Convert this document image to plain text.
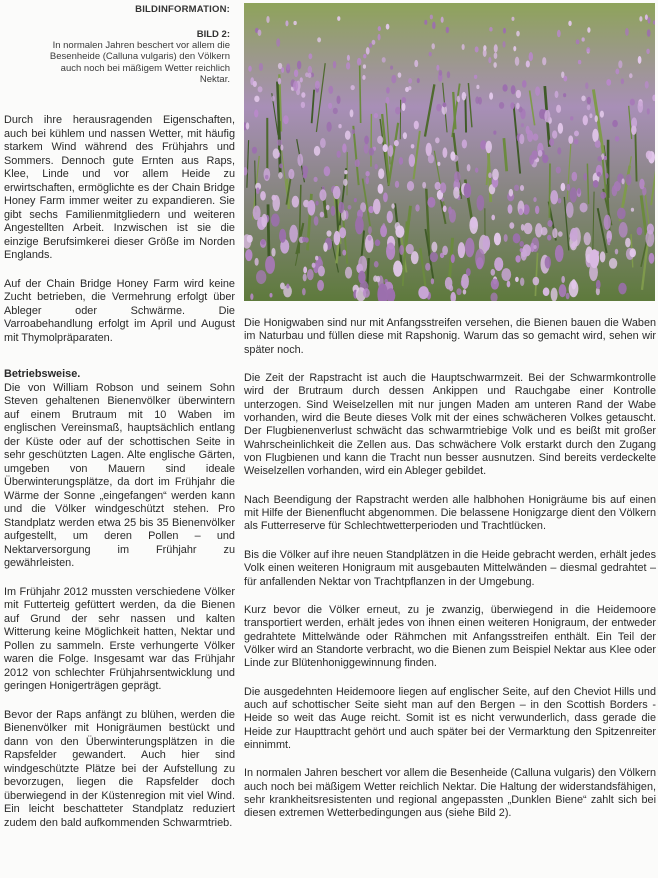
BILDINFORMATION:
BILD 2:
In normalen Jahren beschert vor allem die Besenheide (Calluna vulgaris) den Völkern auch noch bei mäßigem Wetter reichlich Nektar.

Durch ihre herausragenden Eigenschaften, auch bei kühlem und nassen Wetter, mit häufig starkem Wind während des Frühjahrs und Sommers. Dennoch gute Ernten aus Raps, Klee, Linde und vor allem Heide zu erwirtschaften, ermöglichte es der Chain Bridge Honey Farm immer weiter zu expandieren. Sie gibt sechs Familienmitgliedern und weiteren Angestellten Arbeit. Inzwischen ist sie die einzige Berufsimkerei dieser Größe im Norden Englands.

Auf der Chain Bridge Honey Farm wird keine Zucht betrieben, die Vermehrung erfolgt über Ableger oder Schwärme. Die Varroabehandlung erfolgt im April und August mit Thymolpräparaten.

Betriebsweise.

Die von William Robson und seinem Sohn Steven gehaltenen Bienenvölker überwintern auf einem Brutraum mit 10 Waben im englischen Vereinsmaß, hauptsächlich entlang der Küste oder auf der schottischen Seite in sehr geschützten Lagen. Alte englische Gärten, umgeben von Mauern sind ideale Überwinterungsplätze, da dort im Frühjahr die Wärme der Sonne „eingefangen“ werden kann und die Völker windgeschützt stehen. Pro Standplatz werden etwa 25 bis 35 Bienenvölker aufgestellt, um deren Pollen – und Nektarversorgung im Frühjahr zu gewährleisten.

Im Frühjahr 2012 mussten verschiedene Völker mit Futterteig gefüttert werden, da die Bienen auf Grund der sehr nassen und kalten Witterung keine Möglichkeit hatten, Nektar und Pollen zu sammeln. Erste verhungerte Völker waren die Folge. Insgesamt war das Frühjahr 2012 von schlechter Frühjahrsentwicklung und geringen Honigerträgen geprägt.

Bevor der Raps anfängt zu blühen, werden die Bienenvölker mit Honigräumen bestückt und dann von den Überwinterungsplätzen in die Rapsfelder gewandert. Auch hier sind windgeschützte Plätze bei der Aufstellung zu bevorzugen, liegen die Rapsfelder doch überwiegend in der Küstenregion mit viel Wind. Ein leicht beschatteter Standplatz reduziert zudem den bald aufkommenden Schwarmtrieb.

Die Honigwaben sind nur mit Anfangsstreifen versehen, die Bienen bauen die Waben im Naturbau und füllen diese mit Rapshonig. Warum das so gemacht wird, sehen wir später noch.

Die Zeit der Rapstracht ist auch die Hauptschwarmzeit. Bei der Schwarmkontrolle wird der Brutraum durch dessen Ankippen und Rauchgabe einer Kontrolle unterzogen. Sind Weiselzellen mit nur jungen Maden am unteren Rand der Wabe vorhanden, wird die Beute dieses Volk mit der eines schwächeren Volkes getauscht. Der Flugbienenverlust schwächt das schwarmtriebige Volk und es beißt mit großer Wahrscheinlichkeit die Zellen aus. Das schwächere Volk erstarkt durch den Zugang von Flugbienen und kann die Tracht nun besser ausnutzen. Sind bereits verdeckelte Weiselzellen vorhanden, wird ein Ableger gebildet.

Nach Beendigung der Rapstracht werden alle halbhohen Honigräume bis auf einen mit Hilfe der Bienenflucht abgenommen. Die belassene Honigzarge dient den Völkern als Futterreserve für Schlechtwetterperioden und Trachtlücken.

Bis die Völker auf ihre neuen Standplätzen in die Heide gebracht werden, erhält jedes Volk einen weiteren Honigraum mit ausgebauten Mittelwänden – diesmal gedrahtet – für anfallenden Nektar von Trachtpflanzen in der Umgebung.

Kurz bevor die Völker erneut, zu je zwanzig, überwiegend in die Heidemoore transportiert werden, erhält jedes von ihnen einen weiteren Honigraum, der entweder gedrahtete Mittelwände oder Rähmchen mit Anfangsstreifen enthält. Ein Teil der Völker wird an Standorte verbracht, wo die Bienen zum Beispiel Nektar aus Klee oder Linde zur Blütenhoniggewinnung finden.

Die ausgedehnten Heidemoore liegen auf englischer Seite, auf den Cheviot Hills und auch auf schottischer Seite sieht man auf den Bergen – in den Scottish Borders - Heide so weit das Auge reicht. Somit ist es nicht verwunderlich, dass gerade die Heide zur Haupttracht gehört und auch später bei der Vermarktung den Spitzenreiter einnimmt.

In normalen Jahren beschert vor allem die Besenheide (Calluna vulgaris) den Völkern auch noch bei mäßigem Wetter reichlich Nektar. Die Haltung der widerstandsfähigen, sehr krankheitsresistenten und regional angepassten „Dunklen Biene“ zahlt sich bei diesen extremen Wetterbedingungen aus (siehe Bild 2).
